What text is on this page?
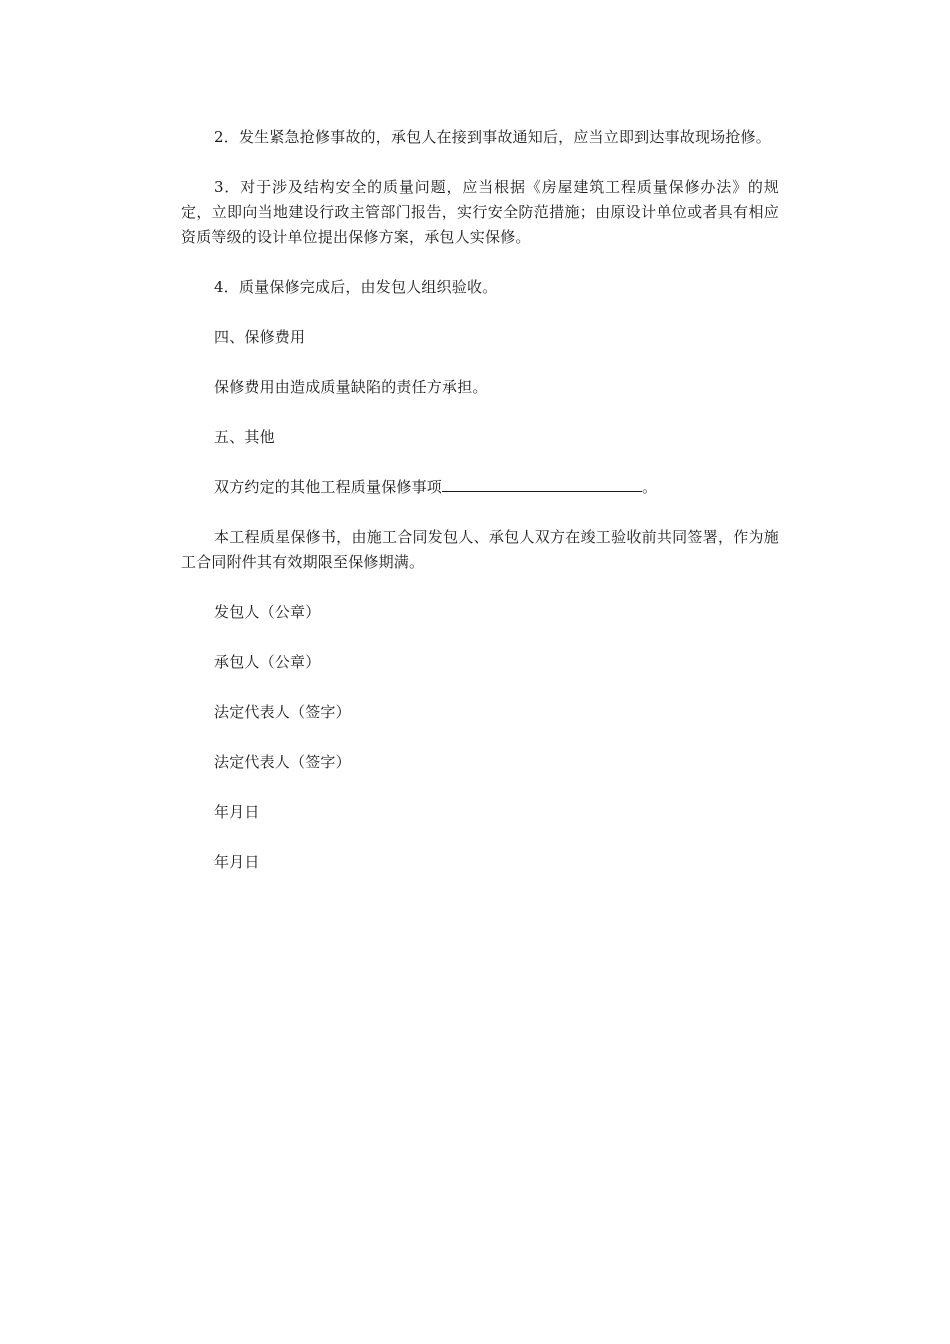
2．发生紧急抢修事故的，承包人在接到事故通知后，应当立即到达事故现场抢修。

3．对于涉及结构安全的质量问题，应当根据《房屋建筑工程质量保修办法》的规定，立即向当地建设行政主管部门报告，实行安全防范措施；由原设计单位或者具有相应资质等级的设计单位提出保修方案，承包人实保修。

4．质量保修完成后，由发包人组织验收。

四、保修费用

保修费用由造成质量缺陷的责任方承担。

五、其他

双方约定的其他工程质量保修事项	。

本工程质星保修书，由施工合同发包人、承包人双方在竣工验收前共同签署，作为施工合同附件其有效期限至保修期满。

发包人（公章）

承包人（公章）

法定代表人（签字）

法定代表人（签字）

年月日

年月日
